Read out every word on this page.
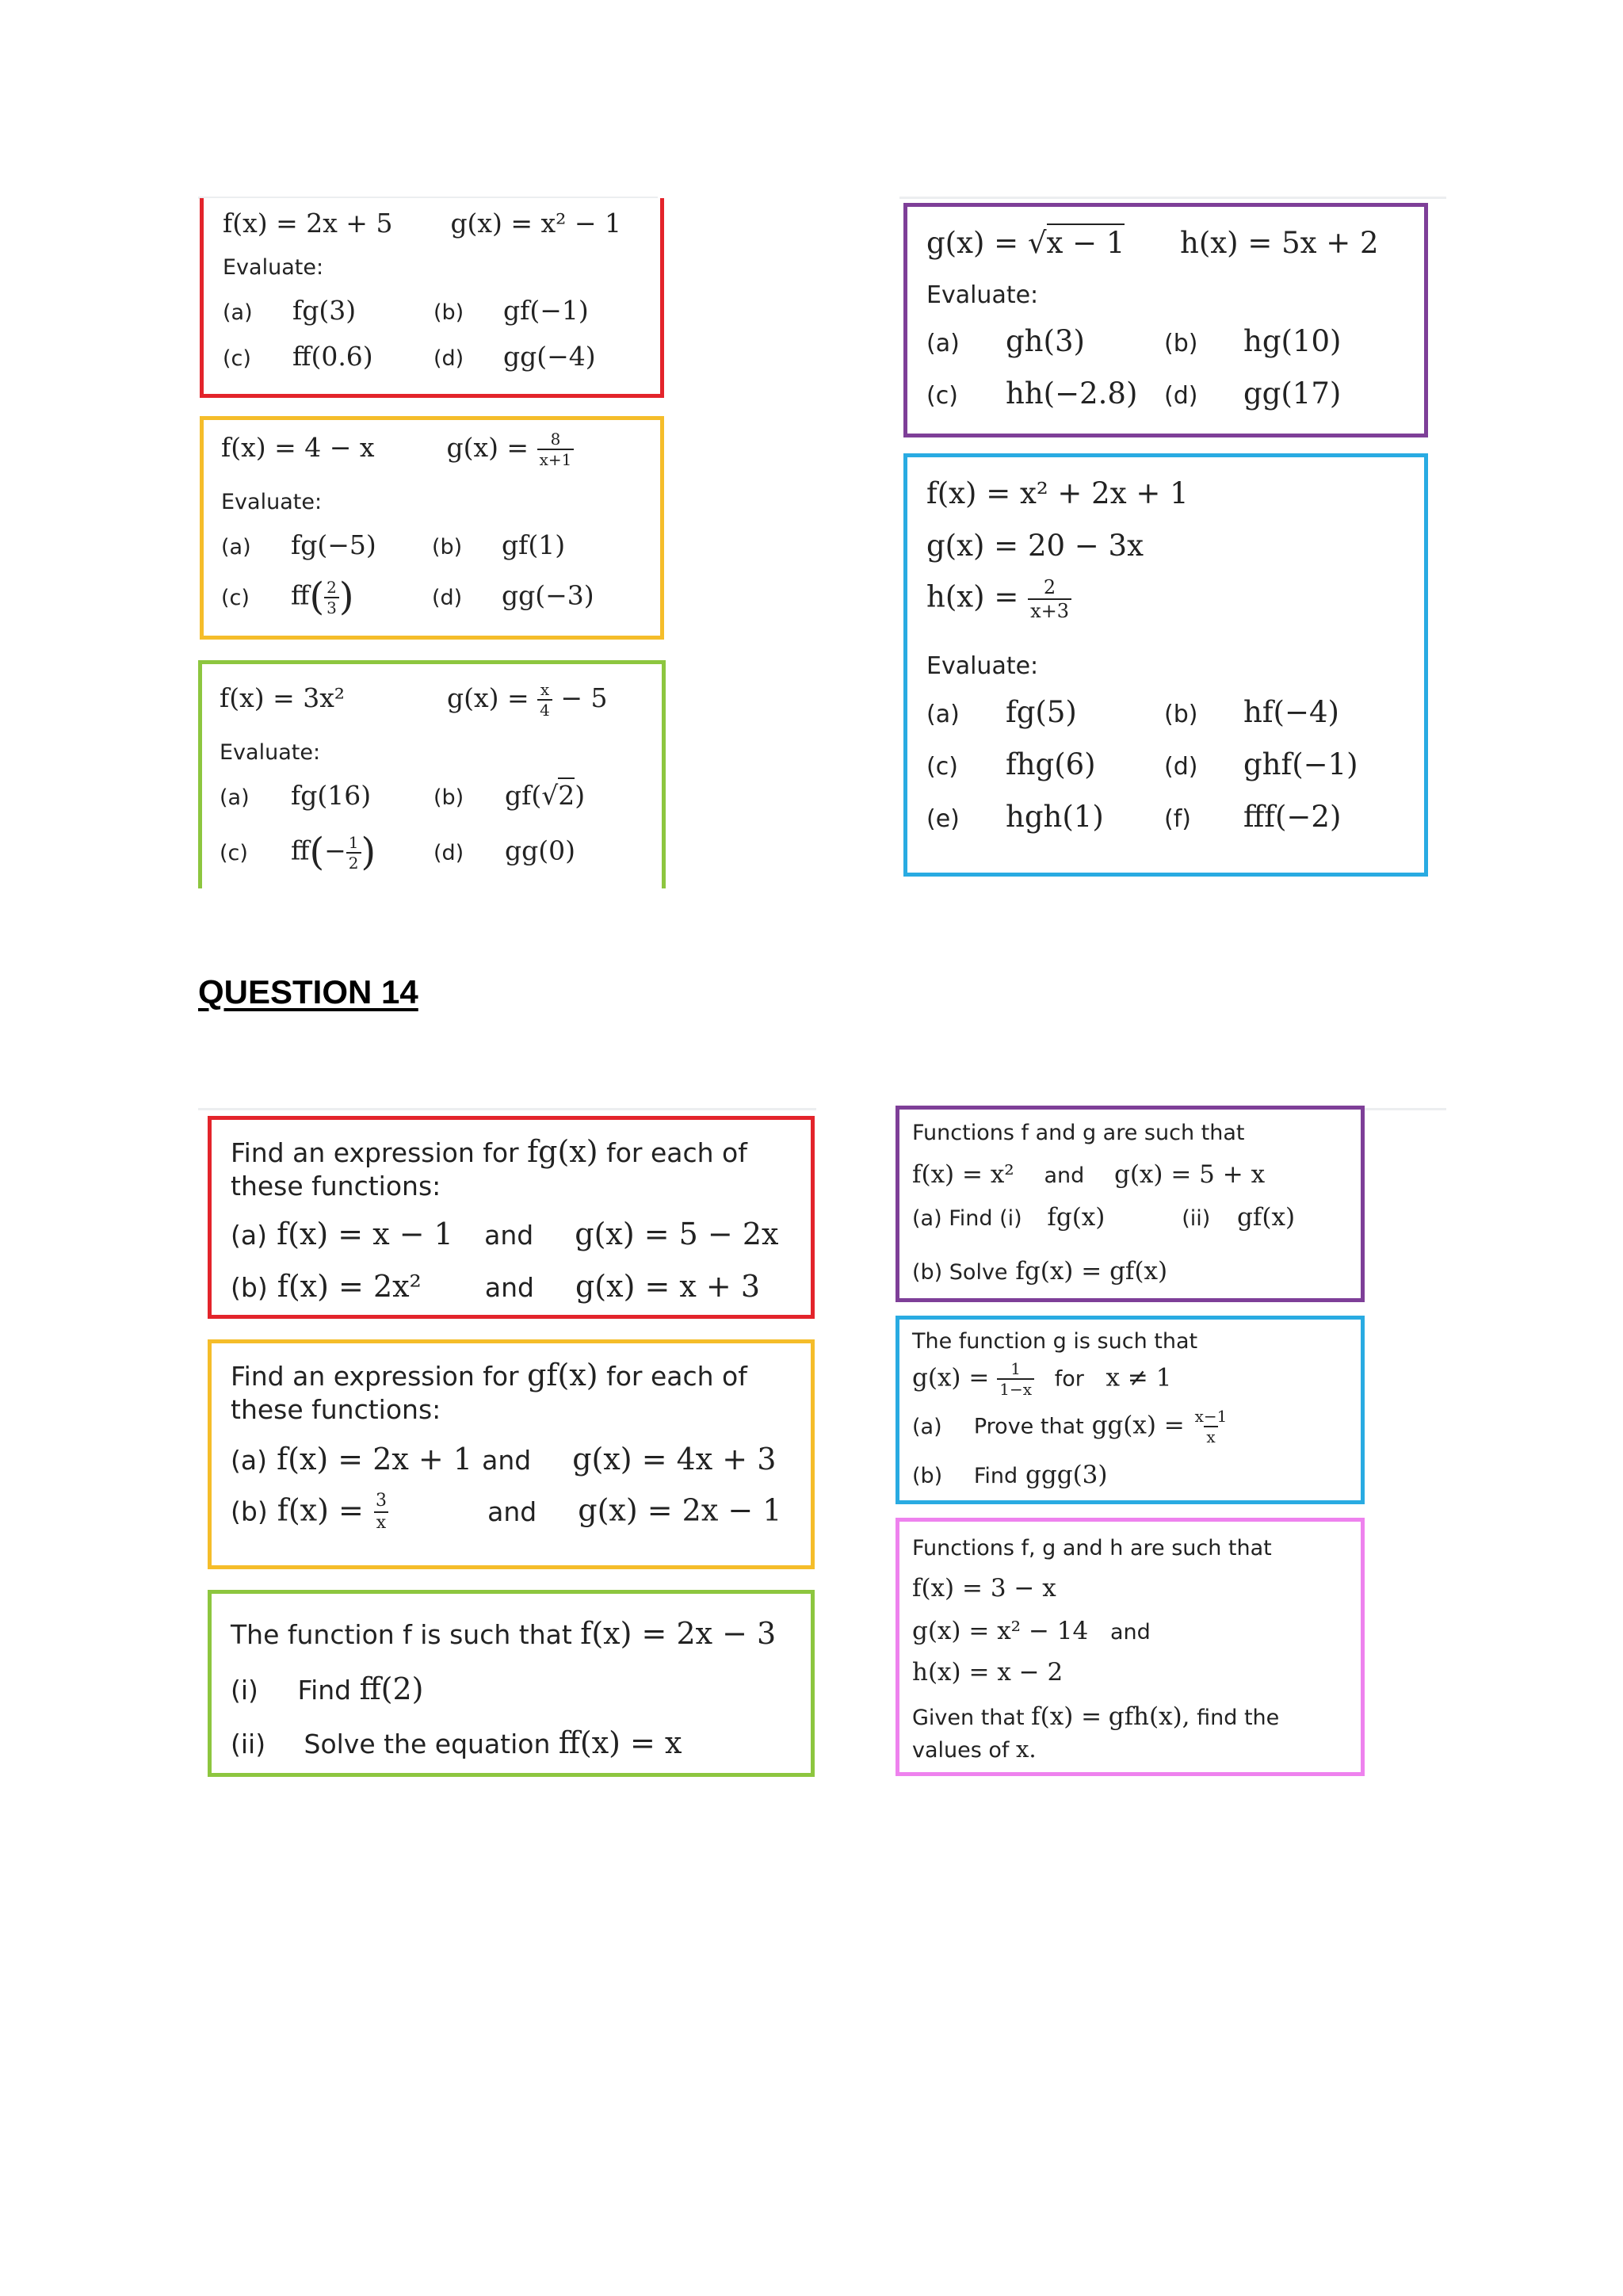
f(x) = 2x + 5 g(x) = x² − 1
Evaluate:
(a) fg(3)	(b) gf(−1)
(c) ff(0.6)	(d) gg(−4)
f(x) = 4 − x	$g(x) = \frac{8}{x+1}$
Evaluate:
(a) fg(−5)	(b) gf(1)
(c) $ff( \frac{2}{3}$ )	(d) gg(−3)
f(x) = 3x²	$g(x) = \frac{x}{4} - 5$
Evaluate:
(a) fg(16)	(b) gf(√2)
(c) $ff(- \frac{1}{2}$ )	(d) gg(0)
g(x) = √x − 1 h(x) = 5x + 2
Evaluate:
(a) gh(3)	(b) hg(10)
(c) hh(−2.8) (d) gg(17)
f(x) = x² + 2x + 1
g(x) = 20 − 3x
$h(x) = \frac{2}{x+3}$
Evaluate:
(a) fg(5)	(b) hf(−4)
(c) fhg(6)	(d) ghf(−1)
(e) hgh(1)	(f) fff(−2)
QUESTION 14
Find an expression for fg(x) for each of
these functions:
(a) f(x) = x − 1 and g(x) = 5 − 2x
(b) f(x) = 2x² and g(x) = x + 3
Find an expression for gf(x) for each of
these functions:
(a) f(x) = 2x + 1 and g(x) = 4x + 3
(b) $f(x) = \frac{3}{x}$	and g(x) = 2x − 1
The function f is such that f(x) = 2x − 3
(i) Find ff(2)
(ii) Solve the equation ff(x) = x
Functions f and g are such that
f(x) = x² and g(x) = 5 + x
(a) Find (i) fg(x)	(ii) gf(x)
(b) Solve fg(x) = gf(x)
The function g is such that
$g(x) = \frac{1}{1-x}$ for x ≠ 1
(a) Prove that $gg(x) = \frac{x-1}{x}$
(b) Find ggg(3)
Functions f, g and h are such that
f(x) = 3 − x
g(x) = x² − 14 and
h(x) = x − 2
Given that f(x) = gfh(x), find the
values of x.
